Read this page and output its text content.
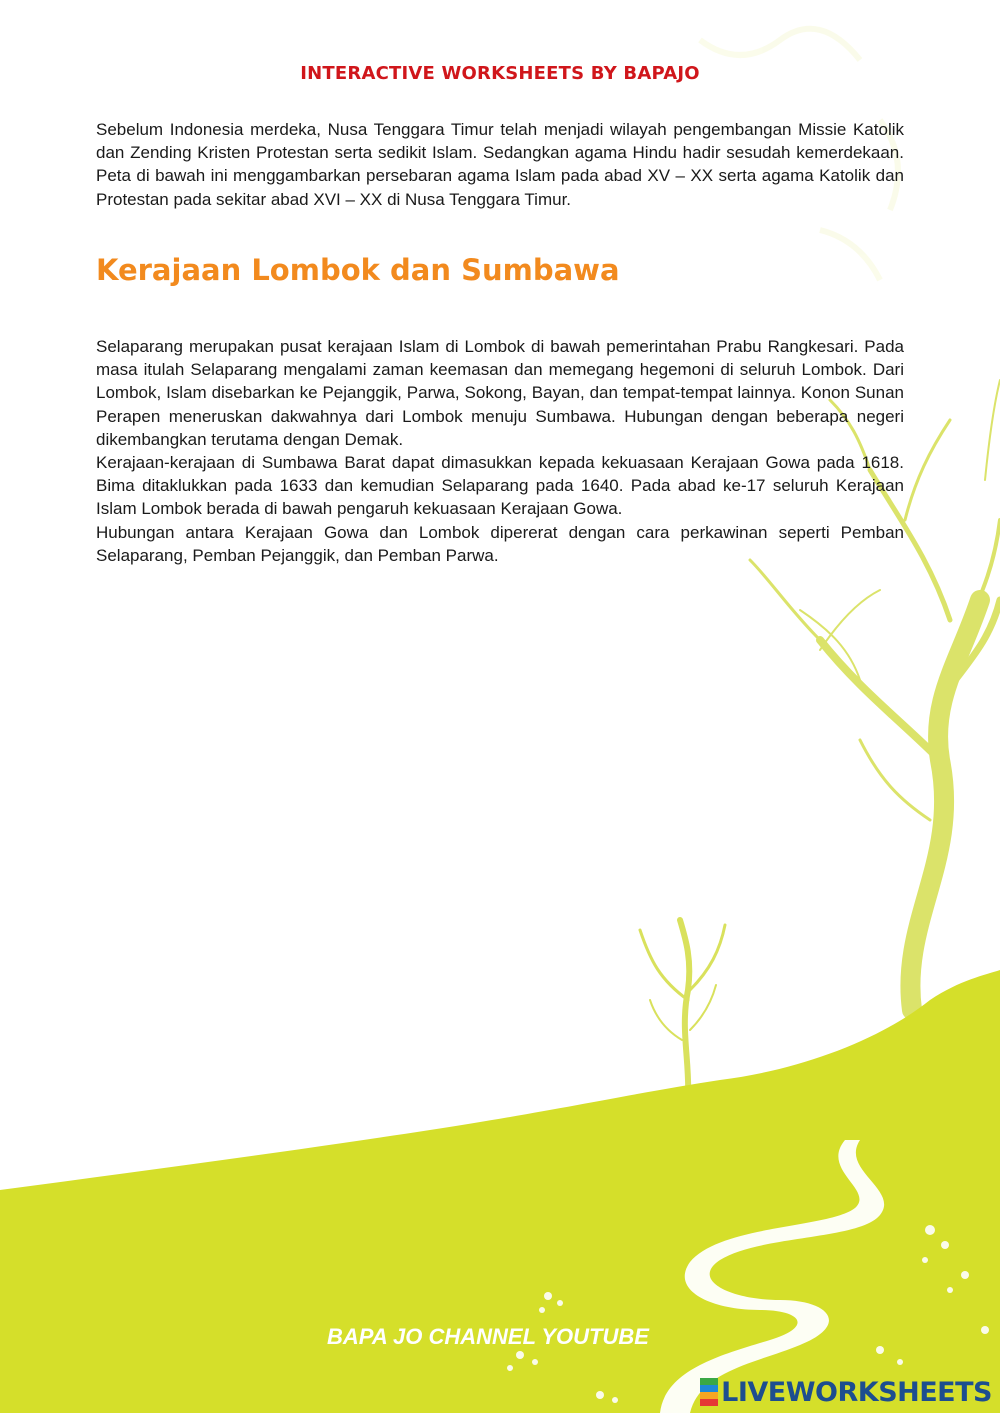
INTERACTIVE WORKSHEETS BY BAPAJO

Sebelum Indonesia merdeka, Nusa Tenggara Timur telah menjadi wilayah pengembangan Missie Katolik dan Zending Kristen Protestan serta sedikit Islam. Sedangkan agama Hindu hadir sesudah kemerdekaan. Peta di bawah ini menggambarkan persebaran agama Islam pada abad XV – XX serta agama Katolik dan Protestan pada sekitar abad XVI – XX di Nusa Tenggara Timur.

Kerajaan Lombok dan Sumbawa
Selaparang merupakan pusat kerajaan Islam di Lombok di bawah pemerintahan Prabu Rangkesari. Pada masa itulah Selaparang mengalami zaman keemasan dan memegang hegemoni di seluruh Lombok. Dari Lombok, Islam disebarkan ke Pejanggik, Parwa, Sokong, Bayan, dan tempat-tempat lainnya. Konon Sunan Perapen meneruskan dakwahnya dari Lombok menuju Sumbawa. Hubungan dengan beberapa negeri dikembangkan terutama dengan Demak.
Kerajaan-kerajaan di Sumbawa Barat dapat dimasukkan kepada kekuasaan Kerajaan Gowa pada 1618. Bima ditaklukkan pada 1633 dan kemudian Selaparang pada 1640. Pada abad ke-17 seluruh Kerajaan Islam Lombok berada di bawah pengaruh kekuasaan Kerajaan Gowa.
Hubungan antara Kerajaan Gowa dan Lombok dipererat dengan cara perkawinan seperti Pemban Selaparang, Pemban Pejanggik, dan Pemban Parwa.
BAPA JO CHANNEL YOUTUBE
LIVEWORKSHEETS
